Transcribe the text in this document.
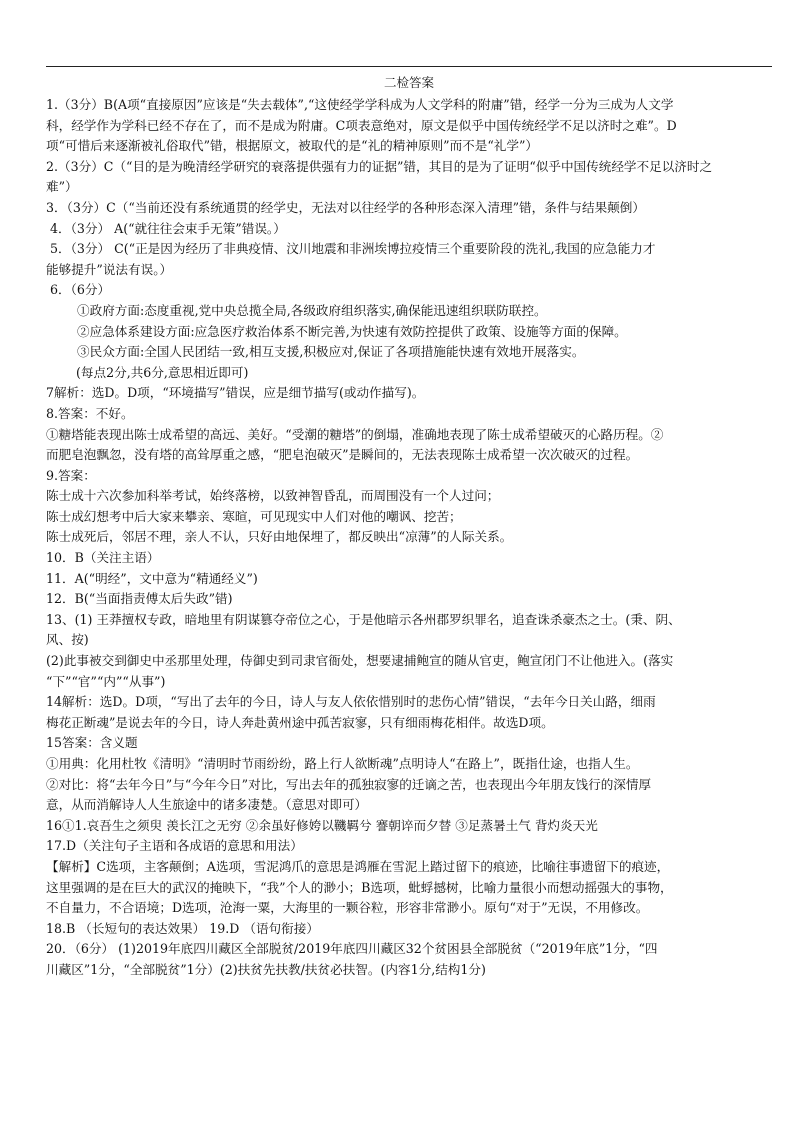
二检答案
1.（3分）B(A项“直接原因”应该是“失去载体”,“这使经学学科成为人文学科的附庸”错，经学一分为三成为人文学
科，经学作为学科已经不存在了，而不是成为附庸。C项表意绝对，原文是似乎中国传统经学不足以济时之难”。D
项“可惜后来逐渐被礼俗取代”错，根据原文，被取代的是“礼的精神原则”而不是“礼学”）
2.（3分）C（“目的是为晚清经学研究的衰落提供强有力的证据”错，其目的是为了证明“似乎中国传统经学不足以济时之
难”）
3．（3分）C（“当前还没有系统通贯的经学史，无法对以往经学的各种形态深入清理”错，条件与结果颠倒）
4．（3分） A(“就往往会束手无策”错误。）
5．（3分） C(“正是因为经历了非典疫情、汶川地震和非洲埃博拉疫情三个重要阶段的洗礼,我国的应急能力才
能够提升”说法有误。）
6．（6分）
①政府方面:态度重视,党中央总揽全局,各级政府组织落实,确保能迅速组织联防联控。
②应急体系建设方面:应急医疗救治体系不断完善,为快速有效防控提供了政策、设施等方面的保障。
③民众方面:全国人民团结一致,相互支援,积极应对,保证了各项措施能快速有效地开展落实。
(每点2分,共6分,意思相近即可)
7解析：选D。D项，“环境描写”错误，应是细节描写(或动作描写)。
8.答案：不好。
①糖塔能表现出陈士成希望的高远、美好。“受潮的糖塔”的倒塌，准确地表现了陈士成希望破灭的心路历程。②
而肥皂泡飘忽，没有塔的高耸厚重之感，“肥皂泡破灭”是瞬间的，无法表现陈士成希望一次次破灭的过程。
9.答案：
陈士成十六次参加科举考试，始终落榜，以致神智昏乱，而周围没有一个人过问；
陈士成幻想考中后大家来攀亲、寒暄，可见现实中人们对他的嘲讽、挖苦；
陈士成死后，邻居不理，亲人不认，只好由地保埋了，都反映出“凉薄”的人际关系。
10．B（关注主语）
11．A(“明经”，文中意为“精通经义”)
12．B(“当面指责傅太后失政”错)
13、(1) 王莽擅权专政，暗地里有阴谋篡夺帝位之心，于是他暗示各州郡罗织罪名，追查诛杀豪杰之士。(秉、阴、
风、按)
(2)此事被交到御史中丞那里处理，侍御史到司隶官衙处，想要逮捕鲍宣的随从官吏，鲍宣闭门不让他进入。(落实
“下”“官”“内”“从事”)
14解析：选D。D项，“写出了去年的今日，诗人与友人依依惜别时的悲伤心情”错误，“去年今日关山路，细雨
梅花正断魂”是说去年的今日，诗人奔赴黄州途中孤苦寂寥，只有细雨梅花相伴。故选D项。
15答案：含义题
①用典：化用杜牧《清明》“清明时节雨纷纷，路上行人欲断魂”点明诗人“在路上”，既指仕途，也指人生。
②对比：将“去年今日”与“今年今日”对比，写出去年的孤独寂寥的迁谪之苦，也表现出今年朋友饯行的深情厚
意，从而消解诗人人生旅途中的诸多凄楚。（意思对即可）
16①1.哀吾生之须臾 羡长江之无穷 ②余虽好修姱以鞿羁兮 謇朝谇而夕替 ③足蒸暑土气 背灼炎天光
17.D（关注句子主语和各成语的意思和用法）
【解析】C选项，主客颠倒；A选项，雪泥鸿爪的意思是鸿雁在雪泥上踏过留下的痕迹，比喻往事遗留下的痕迹，
这里强调的是在巨大的武汉的掩映下，“我”个人的渺小；B选项，蚍蜉撼树，比喻力量很小而想动摇强大的事物，
不自量力，不合语境；D选项，沧海一粟，大海里的一颗谷粒，形容非常渺小。原句“对于”无误，不用修改。
18.B （长短句的表达效果） 19.D （语句衔接）
20．（6分） (1)2019年底四川藏区全部脱贫/2019年底四川藏区32个贫困县全部脱贫（“2019年底”1分，“四
川藏区”1分，“全部脱贫”1分）(2)扶贫先扶教/扶贫必扶智。(内容1分,结构1分)
